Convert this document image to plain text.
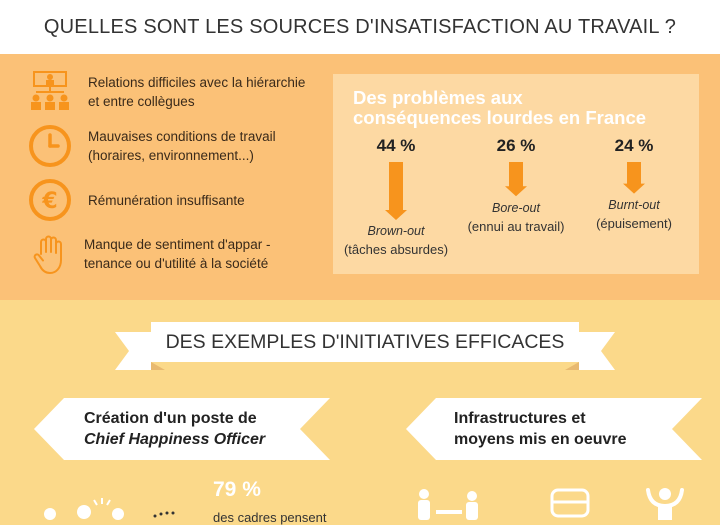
QUELLES SONT LES SOURCES D'INSATISFACTION AU TRAVAIL ?
Relations difficiles avec la hiérarchie
et entre collègues
Mauvaises conditions de travail
(horaires, environnement...)
€ Rémunération insuffisante
Manque de sentiment d'appar -
tenance ou d'utilité à la société
Des problèmes aux
conséquences lourdes en France
44 %
Brown-out
(tâches absurdes)
26 %
Bore-out
(ennui au travail)
24 %
Burnt-out
(épuisement)
DES EXEMPLES D'INITIATIVES EFFICACES
Création d'un poste de
Chief Happiness Officer
Infrastructures et
moyens mis en oeuvre
79 %
des cadres pensent
